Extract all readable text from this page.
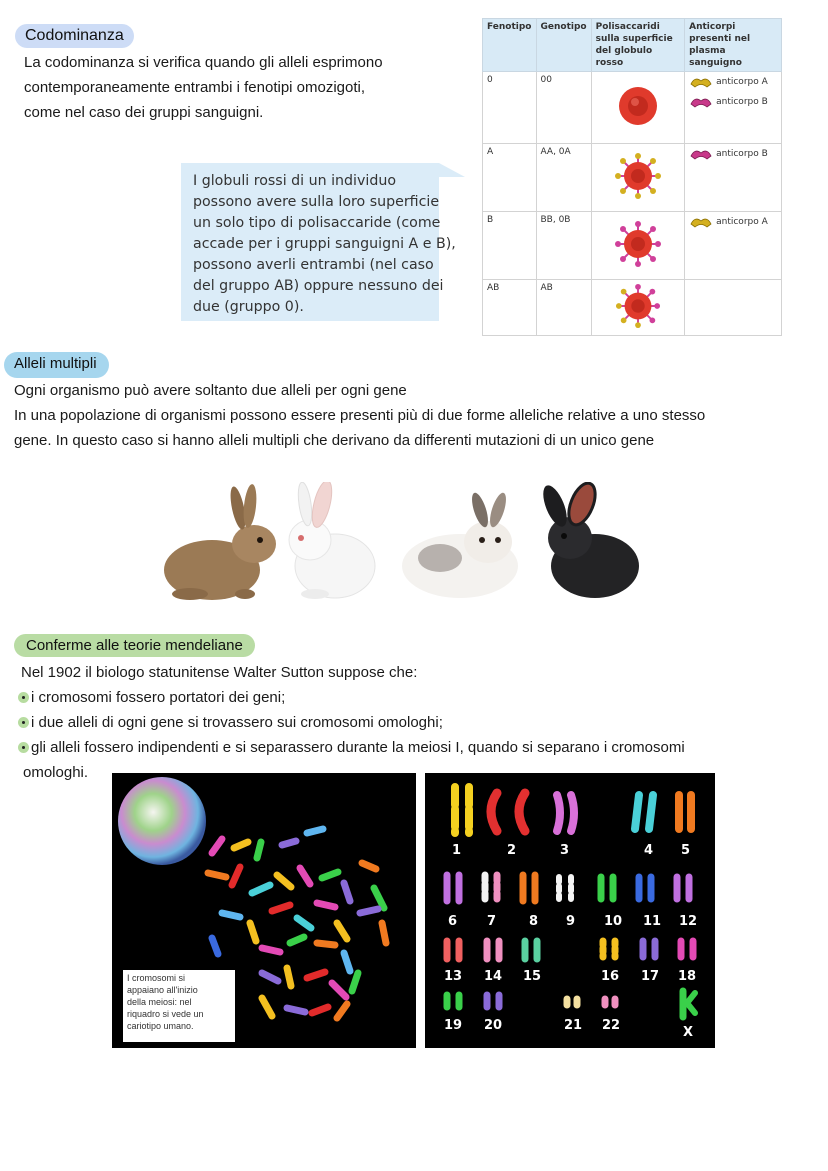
Codominanza
La codominanza si verifica quando gli alleli esprimono
contemporaneamente entrambi i fenotipi omozigoti,
come nel caso dei gruppi sanguigni.
I globuli rossi di un individuo
possono avere sulla loro superficie
un solo tipo di polisaccaride (come
accade per i gruppi sanguigni A e B),
possono averli entrambi (nel caso
del gruppo AB) oppure nessuno dei
due (gruppo 0).
Fenotipo	Genotipo	Polisaccaridi sulla superficie del globulo rosso	Anticorpi presenti nel plasma sanguigno
0	00		anticorpo A
anticorpo B

A	AA, 0A		anticorpo B

B	BB, 0B		anticorpo A

AB	AB		
Alleli multipli
Ogni organismo può avere soltanto due alleli per ogni gene
In una popolazione di organismi possono essere presenti più di due forme alleliche relative a uno stesso
gene. In questo caso si hanno alleli multipli che derivano da differenti mutazioni di un unico gene
Conferme alle teorie mendeliane
Nel 1902 il biologo statunitense Walter Sutton suppose che:
i cromosomi fossero portatori dei geni;
i due alleli di ogni gene si trovassero sui cromosomi omologhi;
gli alleli fossero indipendenti e si separassero durante la meiosi I, quando si separano i cromosomi
omologhi.
I cromosomi si
appaiano all'inizio
della meiosi: nel
riquadro si vede un
cariotipo umano.
1	2	3	4 5
6 7	8 9 10 11 12
13 14 15	16 17 18
19 20	21 22	X
